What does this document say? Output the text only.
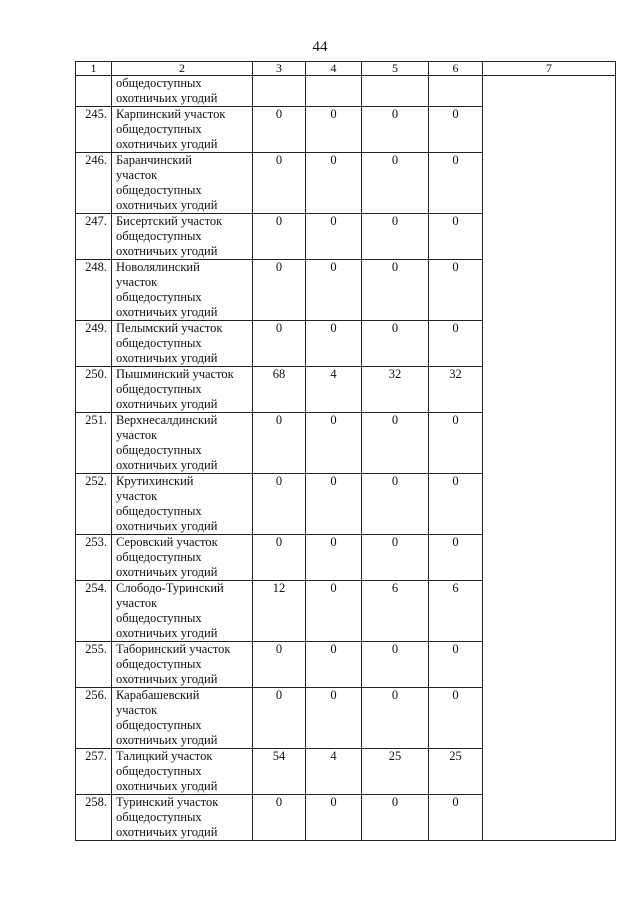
44
1	2	3	4	5	6	7

	общедоступных
охотничьих угодий					

245.	Карпинский участок
общедоступных
охотничьих угодий	0	0	0	0	
246.	Баранчинский
участок
общедоступных
охотничьих угодий	0	0	0	0	
247.	Бисертский участок
общедоступных
охотничьих угодий	0	0	0	0	
248.	Новолялинский
участок
общедоступных
охотничьих угодий	0	0	0	0	
249.	Пелымский участок
общедоступных
охотничьих угодий	0	0	0	0	
250.	Пышминский участок
общедоступных
охотничьих угодий	68	4	32	32	
251.	Верхнесалдинский
участок
общедоступных
охотничьих угодий	0	0	0	0	
252.	Крутихинский
участок
общедоступных
охотничьих угодий	0	0	0	0	
253.	Серовский участок
общедоступных
охотничьих угодий	0	0	0	0	
254.	Слободо-Туринский
участок
общедоступных
охотничьих угодий	12	0	6	6	
255.	Таборинский участок
общедоступных
охотничьих угодий	0	0	0	0	
256.	Карабашевский
участок
общедоступных
охотничьих угодий	0	0	0	0	
257.	Талицкий участок
общедоступных
охотничьих угодий	54	4	25	25	
258.	Туринский участок
общедоступных
охотничьих угодий	0	0	0	0	
